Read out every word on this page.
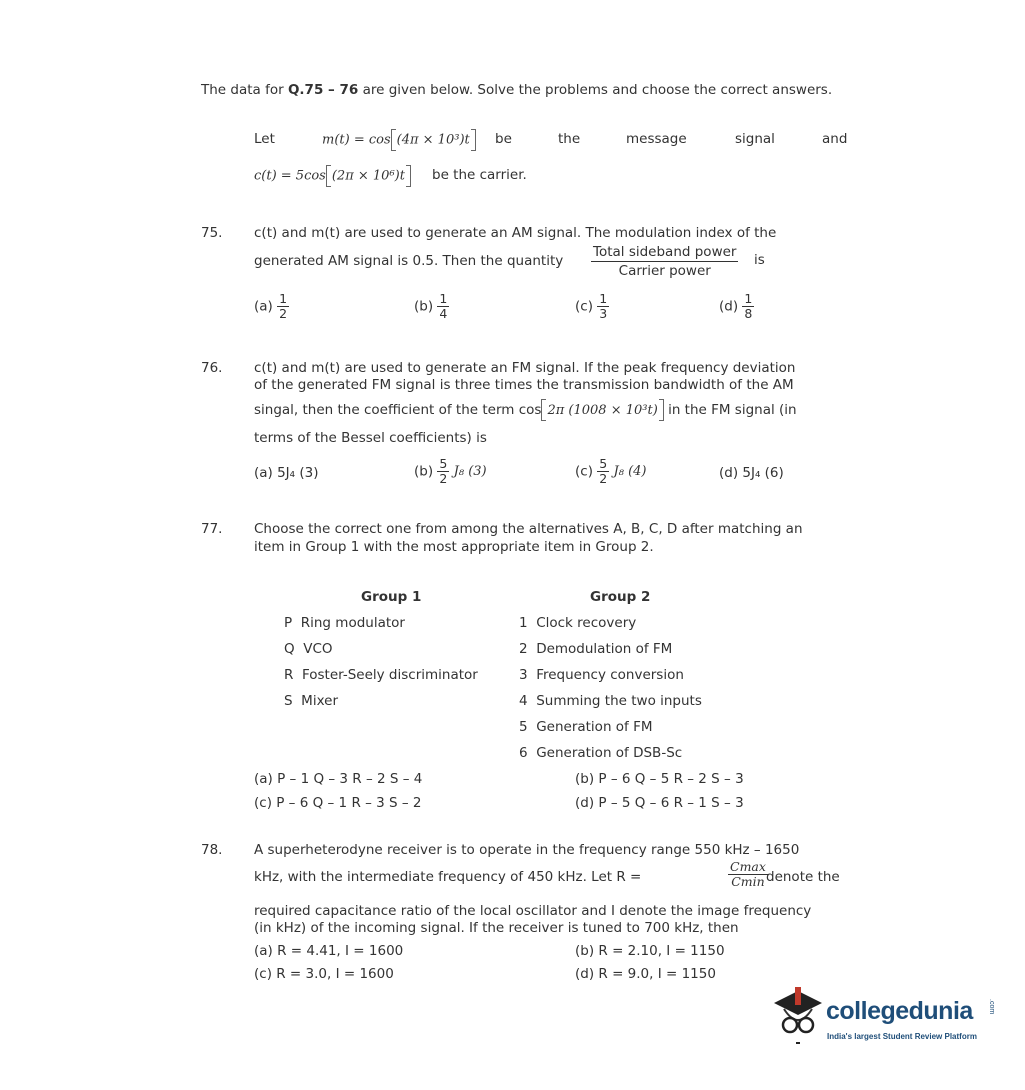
The data for Q.75 – 76 are given below. Solve the problems and choose the correct answers.
Let	m(t) = cos (4π × 10³)t	be	the	message	signal	and
c(t) = 5cos (2π × 10⁶)t	be the carrier.
75. c(t) and m(t) are used to generate an AM signal. The modulation index of the
generated AM signal is 0.5. Then the quantity $\frac{\text{Total sideband power}}{\text{Carrier power}}$ is
$(a) \frac{1}{2}$	$(b) \frac{1}{4}$	$(c) \frac{1}{3}$	$(d) \frac{1}{8}$
76. c(t) and m(t) are used to generate an FM signal. If the peak frequency deviation
of the generated FM signal is three times the transmission bandwidth of the AM
singal, then the coefficient of the term cos 2π (1008 × 10³t) in the FM signal (in
terms of the Bessel coefficients) is
(a) 5J₄ (3)	$(b) \frac{5}{2} J_8$ (3)	$(c) \frac{5}{2} J_8$ (4)	(d) 5J₄ (6)
77. Choose the correct one from among the alternatives A, B, C, D after matching an
item in Group 1 with the most appropriate item in Group 2.
Group 1	Group 2
P Ring modulator
Q VCO
R Foster-Seely discriminator
S Mixer
1 Clock recovery
2 Demodulation of FM
3 Frequency conversion
4 Summing the two inputs
5 Generation of FM
6 Generation of DSB-Sc
(a) P – 1 Q – 3 R – 2 S – 4	(b) P – 6 Q – 5 R – 2 S – 3
(c) P – 6 Q – 1 R – 3 S – 2	(d) P – 5 Q – 6 R – 1 S – 3
78. A superheterodyne receiver is to operate in the frequency range 550 kHz – 1650
kHz, with the intermediate frequency of 450 kHz. Let R =	$\frac{Cmax}{Cmin}$
denote the
required capacitance ratio of the local oscillator and I denote the image frequency
(in kHz) of the incoming signal. If the receiver is tuned to 700 kHz, then
(a) R = 4.41, I = 1600	(b) R = 2.10, I = 1150
(c) R = 3.0, I = 1600	(d) R = 9.0, I = 1150
collegedunia .com
India's largest Student Review Platform
